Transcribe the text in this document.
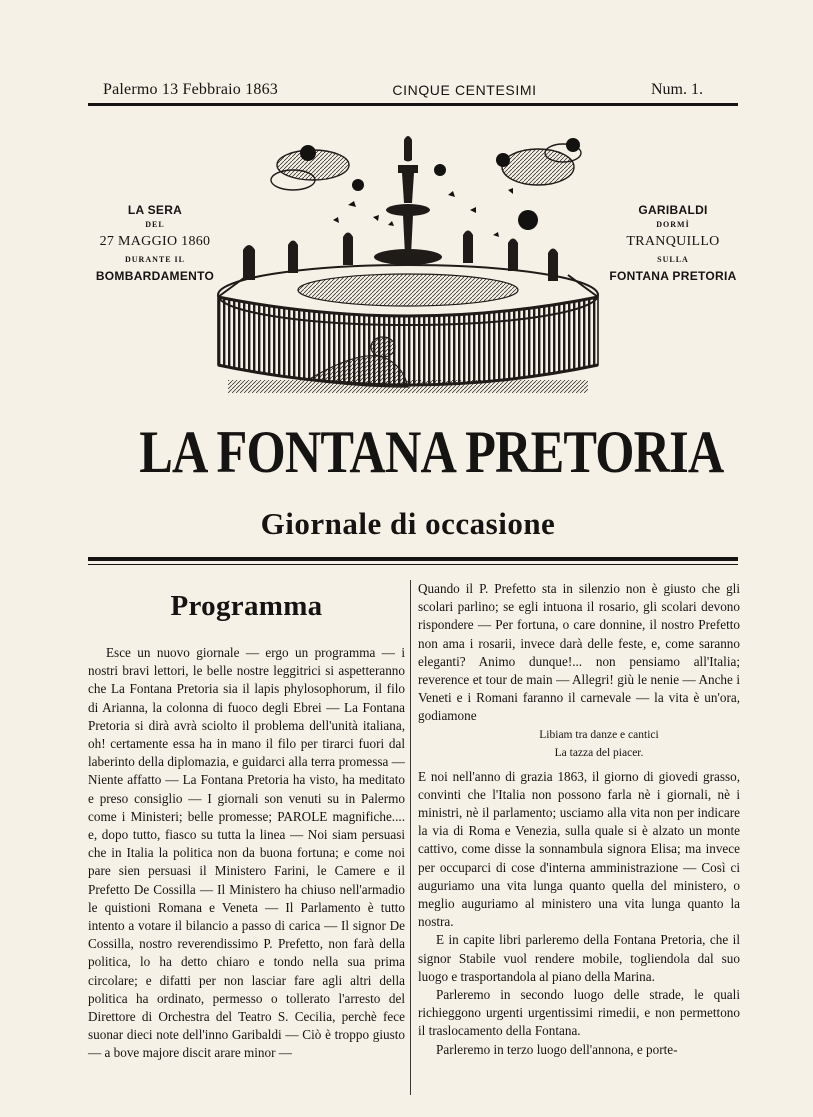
Palermo 13 Febbraio 1863	CINQUE CENTESIMI	Num. 1.
LA SERA
DEL
27 MAGGIO 1860
DURANTE IL
BOMBARDAMENTO
GARIBALDI
DORMÌ
TRANQUILLO
SULLA
FONTANA PRETORIA
LA FONTANA PRETORIA
Giornale di occasione
Programma

Esce un nuovo giornale — ergo un programma — i nostri bravi lettori, le belle nostre leggitrici si aspetteranno che La Fontana Pretoria sia il lapis phylosophorum, il filo di Arianna, la colonna di fuoco degli Ebrei — La Fontana Pretoria si dirà avrà sciolto il problema dell'unità italiana, oh! certamente essa ha in mano il filo per tirarci fuori dal laberinto della diplomazia, e guidarci alla terra promessa — Niente affatto — La Fontana Pretoria ha visto, ha meditato e preso consiglio — I giornali son venuti su in Palermo come i Ministeri; belle promesse; PAROLE magnifiche.... e, dopo tutto, fiasco su tutta la linea — Noi siam persuasi che in Italia la politica non da buona fortuna; e come noi pare sien persuasi il Ministero Farini, le Camere e il Prefetto De Cossilla — Il Ministero ha chiuso nell'armadio le quistioni Romana e Veneta — Il Parlamento è tutto intento a votare il bilancio a passo di carica — Il signor De Cossilla, nostro reverendissimo P. Prefetto, non farà della politica, lo ha detto chiaro e tondo nella sua prima circolare; e difatti per non lasciar fare agli altri della politica ha ordinato, permesso o tollerato l'arresto del Direttore di Orchestra del Teatro S. Cecilia, perchè fece suonar dieci note dell'inno Garibaldi — Ciò è troppo giusto — a bove majore discit arare minor —

Quando il P. Prefetto sta in silenzio non è giusto che gli scolari parlino; se egli intuona il rosario, gli scolari devono rispondere — Per fortuna, o care donnine, il nostro Prefetto non ama i rosarii, invece darà delle feste, e, come saranno eleganti? Animo dunque!... non pensiamo all'Italia; reverence et tour de main — Allegri! giù le nenie — Anche i Veneti e i Romani faranno il carnevale — la vita è un'ora, godiamone

Libiam tra danze e cantici
La tazza del piacer.

E noi nell'anno di grazia 1863, il giorno di giovedi grasso, convinti che l'Italia non possono farla nè i giornali, nè i ministri, nè il parlamento; usciamo alla vita non per indicare la via di Roma e Venezia, sulla quale si è alzato un monte cattivo, come disse la sonnambula signora Elisa; ma invece per occuparci di cose d'interna amministrazione — Così ci auguriamo una vita lunga quanto quella del ministero, o meglio auguriamo al ministero una vita lunga quanto la nostra.

E in capite libri parleremo della Fontana Pretoria, che il signor Stabile vuol rendere mobile, togliendola dal suo luogo e trasportandola al piano della Marina.

Parleremo in secondo luogo delle strade, le quali richieggono urgenti urgentissimi rimedii, e non permettono il traslocamento della Fontana.

Parleremo in terzo luogo dell'annona, e porte-
